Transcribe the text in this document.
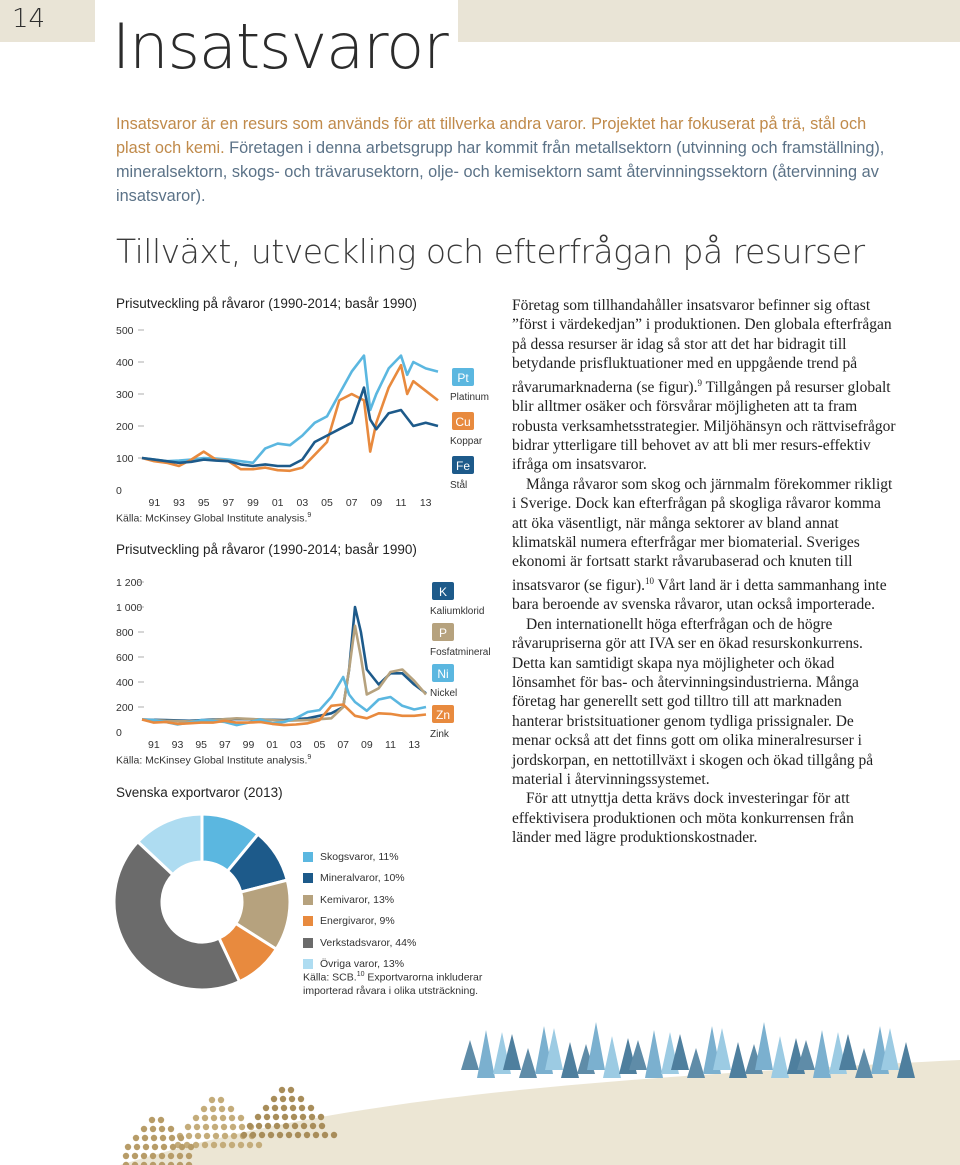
14 Insatsvaror
Insatsvaror är en resurs som används för att tillverka andra varor. Projektet har fokuserat på trä, stål och plast och kemi. Företagen i denna arbetsgrupp har kommit från metallsektorn (utvinning och framställning), mineralsektorn, skogs- och trävarusektorn, olje- och kemisektorn samt återvinningssektorn (återvinning av insatsvaror).
Tillväxt, utveckling och efterfrågan på resurser
Prisutveckling på råvaror (1990-2014; basår 1990)
0
100
200
300
400
500
91 93 95 97 99 01 03 05 07 09 11 13
Pt
Platinum
Cu
Koppar
Fe
Stål
Källa: McKinsey Global Institute analysis.$^9$
Prisutveckling på råvaror (1990-2014; basår 1990)
0
200
400
600
800
1 000
1 200
91 93 95 97 99 01 03 05 07 09 11 13
K
Kaliumklorid
P
Fosfatmineral
Ni
Nickel
Zn
Zink
Källa: McKinsey Global Institute analysis.$^9$
Svenska exportvaror (2013)
Skogsvaror, 11%
Mineralvaror, 10%
Kemivaror, 13%
Energivaror, 9%
Verkstadsvaror, 44%
Övriga varor, 13%
Källa: SCB.$^{10}$ Exportvarorna inkluderar importerad råvara i olika utsträckning.

Företag som tillhandahåller insatsvaror befinner sig oftast ”först i värdekedjan” i produktionen. Den globala efterfrågan på dessa resurser är idag så stor att det har bidragit till betydande prisfluktuationer med en uppgående trend på råvarumarknaderna (se figur).$^9$ Tillgången på resurser globalt blir alltmer osäker och försvårar möjligheten att ta fram robusta verksamhetsstrategier. Miljöhänsyn och rättvisefrågor bidrar ytterligare till behovet av att bli mer resurs-effektiv ifråga om insatsvaror.

Många råvaror som skog och järnmalm förekommer rikligt i Sverige. Dock kan efterfrågan på skogliga råvaror komma att öka väsentligt, när många sektorer av bland annat klimatskäl numera efterfrågar mer biomaterial. Sveriges ekonomi är fortsatt starkt råvarubaserad och knuten till insatsvaror (se figur).$^{10}$ Vårt land är i detta sammanhang inte bara beroende av svenska råvaror, utan också importerade.

Den internationellt höga efterfrågan och de högre råvarupriserna gör att IVA ser en ökad resurskonkurrens. Detta kan samtidigt skapa nya möjligheter och ökad lönsamhet för bas- och återvinningsindustrierna. Många företag har generellt sett god tilltro till att marknaden hanterar bristsituationer genom tydliga prissignaler. De menar också att det finns gott om olika mineralresurser i jordskorpan, en nettotillväxt i skogen och ökad tillgång på material i återvinningssystemet.

För att utnyttja detta krävs dock investeringar för att effektivisera produktionen och möta konkurrensen från länder med lägre produktionskostnader.
